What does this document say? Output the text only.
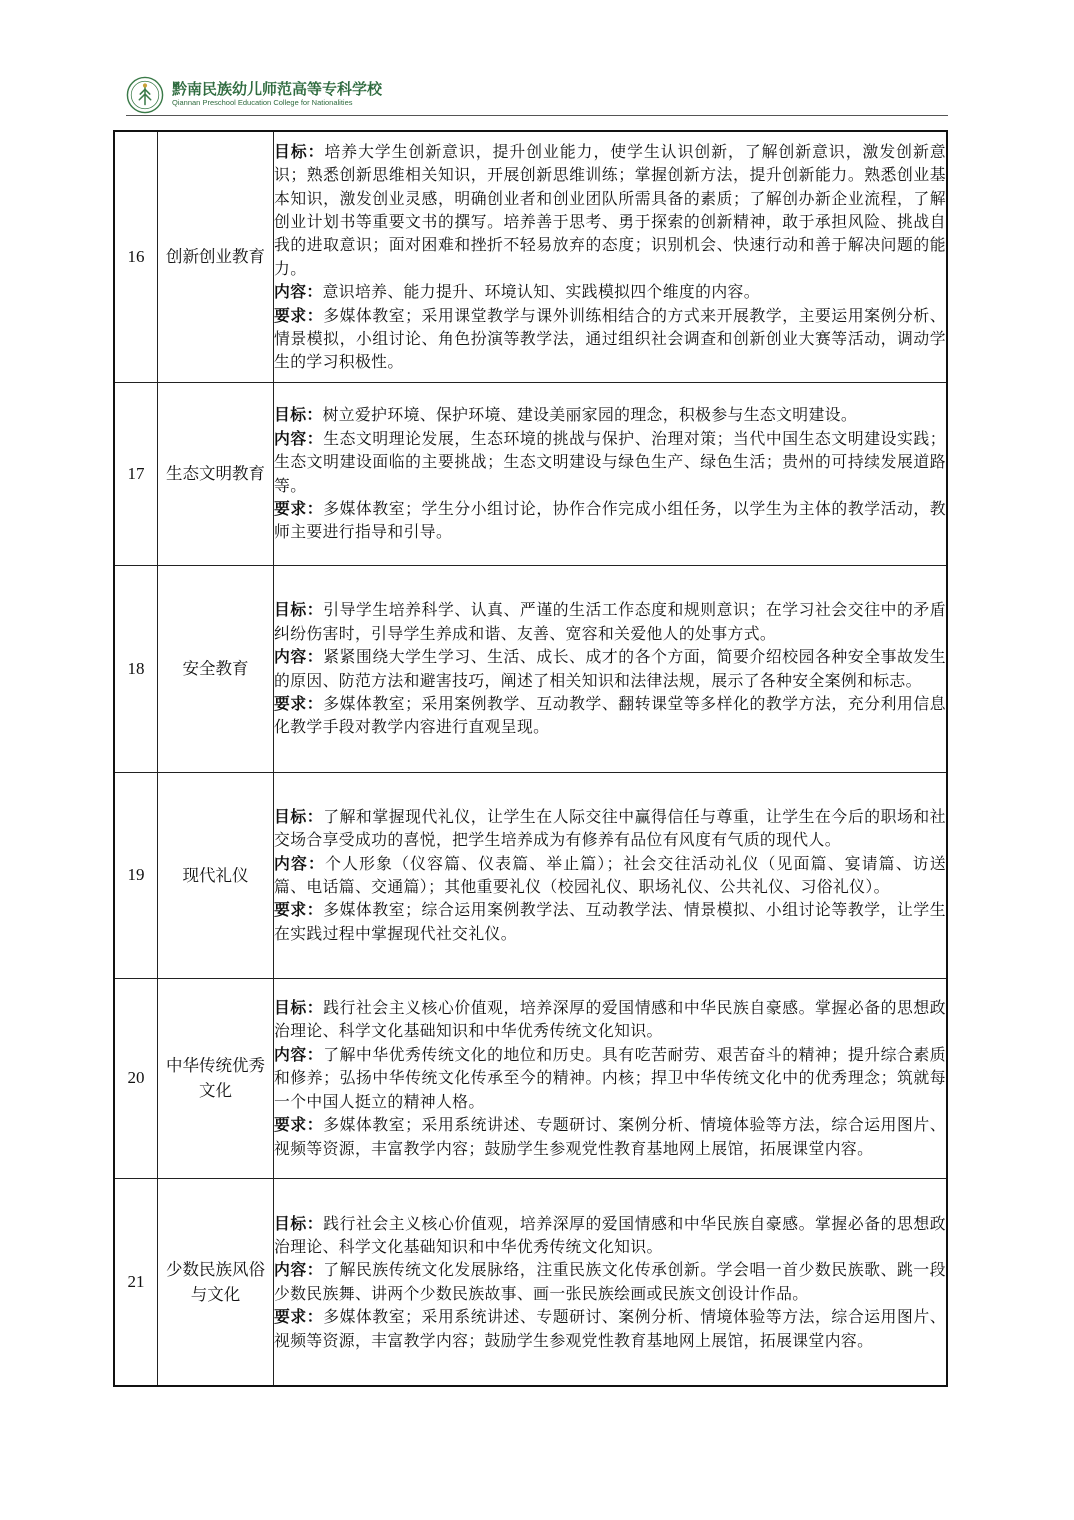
黔南民族幼儿师范高等专科学校
Qiannan Preschool Education College for Nationalities
16	创新创业教育	目标：培养大学生创新意识，提升创业能力，使学生认识创新，了解创新意识，激发创新意识；熟悉创新思维相关知识，开展创新思维训练；掌握创新方法，提升创新能力。熟悉创业基本知识，激发创业灵感，明确创业者和创业团队所需具备的素质；了解创办新企业流程，了解创业计划书等重要文书的撰写。培养善于思考、勇于探索的创新精神，敢于承担风险、挑战自我的进取意识；面对困难和挫折不轻易放弃的态度；识别机会、快速行动和善于解决问题的能力。
内容：意识培养、能力提升、环境认知、实践模拟四个维度的内容。
要求：多媒体教室；采用课堂教学与课外训练相结合的方式来开展教学，主要运用案例分析、情景模拟，小组讨论、角色扮演等教学法，通过组织社会调查和创新创业大赛等活动，调动学生的学习积极性。

17	生态文明教育	目标：树立爱护环境、保护环境、建设美丽家园的理念，积极参与生态文明建设。
内容：生态文明理论发展，生态环境的挑战与保护、治理对策；当代中国生态文明建设实践；生态文明建设面临的主要挑战；生态文明建设与绿色生产、绿色生活；贵州的可持续发展道路等。
要求：多媒体教室；学生分小组讨论，协作合作完成小组任务，以学生为主体的教学活动，教师主要进行指导和引导。

18	安全教育	目标：引导学生培养科学、认真、严谨的生活工作态度和规则意识；在学习社会交往中的矛盾纠纷伤害时，引导学生养成和谐、友善、宽容和关爱他人的处事方式。
内容：紧紧围绕大学生学习、生活、成长、成才的各个方面，简要介绍校园各种安全事故发生的原因、防范方法和避害技巧，阐述了相关知识和法律法规，展示了各种安全案例和标志。
要求：多媒体教室；采用案例教学、互动教学、翻转课堂等多样化的教学方法，充分利用信息化教学手段对教学内容进行直观呈现。

19	现代礼仪	目标：了解和掌握现代礼仪，让学生在人际交往中赢得信任与尊重，让学生在今后的职场和社交场合享受成功的喜悦，把学生培养成为有修养有品位有风度有气质的现代人。
内容：个人形象（仪容篇、仪表篇、举止篇）；社会交往活动礼仪（见面篇、宴请篇、访送篇、电话篇、交通篇）；其他重要礼仪（校园礼仪、职场礼仪、公共礼仪、习俗礼仪）。
要求：多媒体教室；综合运用案例教学法、互动教学法、情景模拟、小组讨论等教学，让学生在实践过程中掌握现代社交礼仪。

20	中华传统优秀文化	目标：践行社会主义核心价值观，培养深厚的爱国情感和中华民族自豪感。掌握必备的思想政治理论、科学文化基础知识和中华优秀传统文化知识。
内容：了解中华优秀传统文化的地位和历史。具有吃苦耐劳、艰苦奋斗的精神；提升综合素质和修养；弘扬中华传统文化传承至今的精神。内核；捍卫中华传统文化中的优秀理念；筑就每一个中国人挺立的精神人格。
要求：多媒体教室；采用系统讲述、专题研讨、案例分析、情境体验等方法，综合运用图片、视频等资源，丰富教学内容；鼓励学生参观党性教育基地网上展馆，拓展课堂内容。

21	少数民族风俗与文化	目标：践行社会主义核心价值观，培养深厚的爱国情感和中华民族自豪感。掌握必备的思想政治理论、科学文化基础知识和中华优秀传统文化知识。
内容：了解民族传统文化发展脉络，注重民族文化传承创新。学会唱一首少数民族歌、跳一段少数民族舞、讲两个少数民族故事、画一张民族绘画或民族文创设计作品。
要求：多媒体教室；采用系统讲述、专题研讨、案例分析、情境体验等方法，综合运用图片、视频等资源，丰富教学内容；鼓励学生参观党性教育基地网上展馆，拓展课堂内容。
